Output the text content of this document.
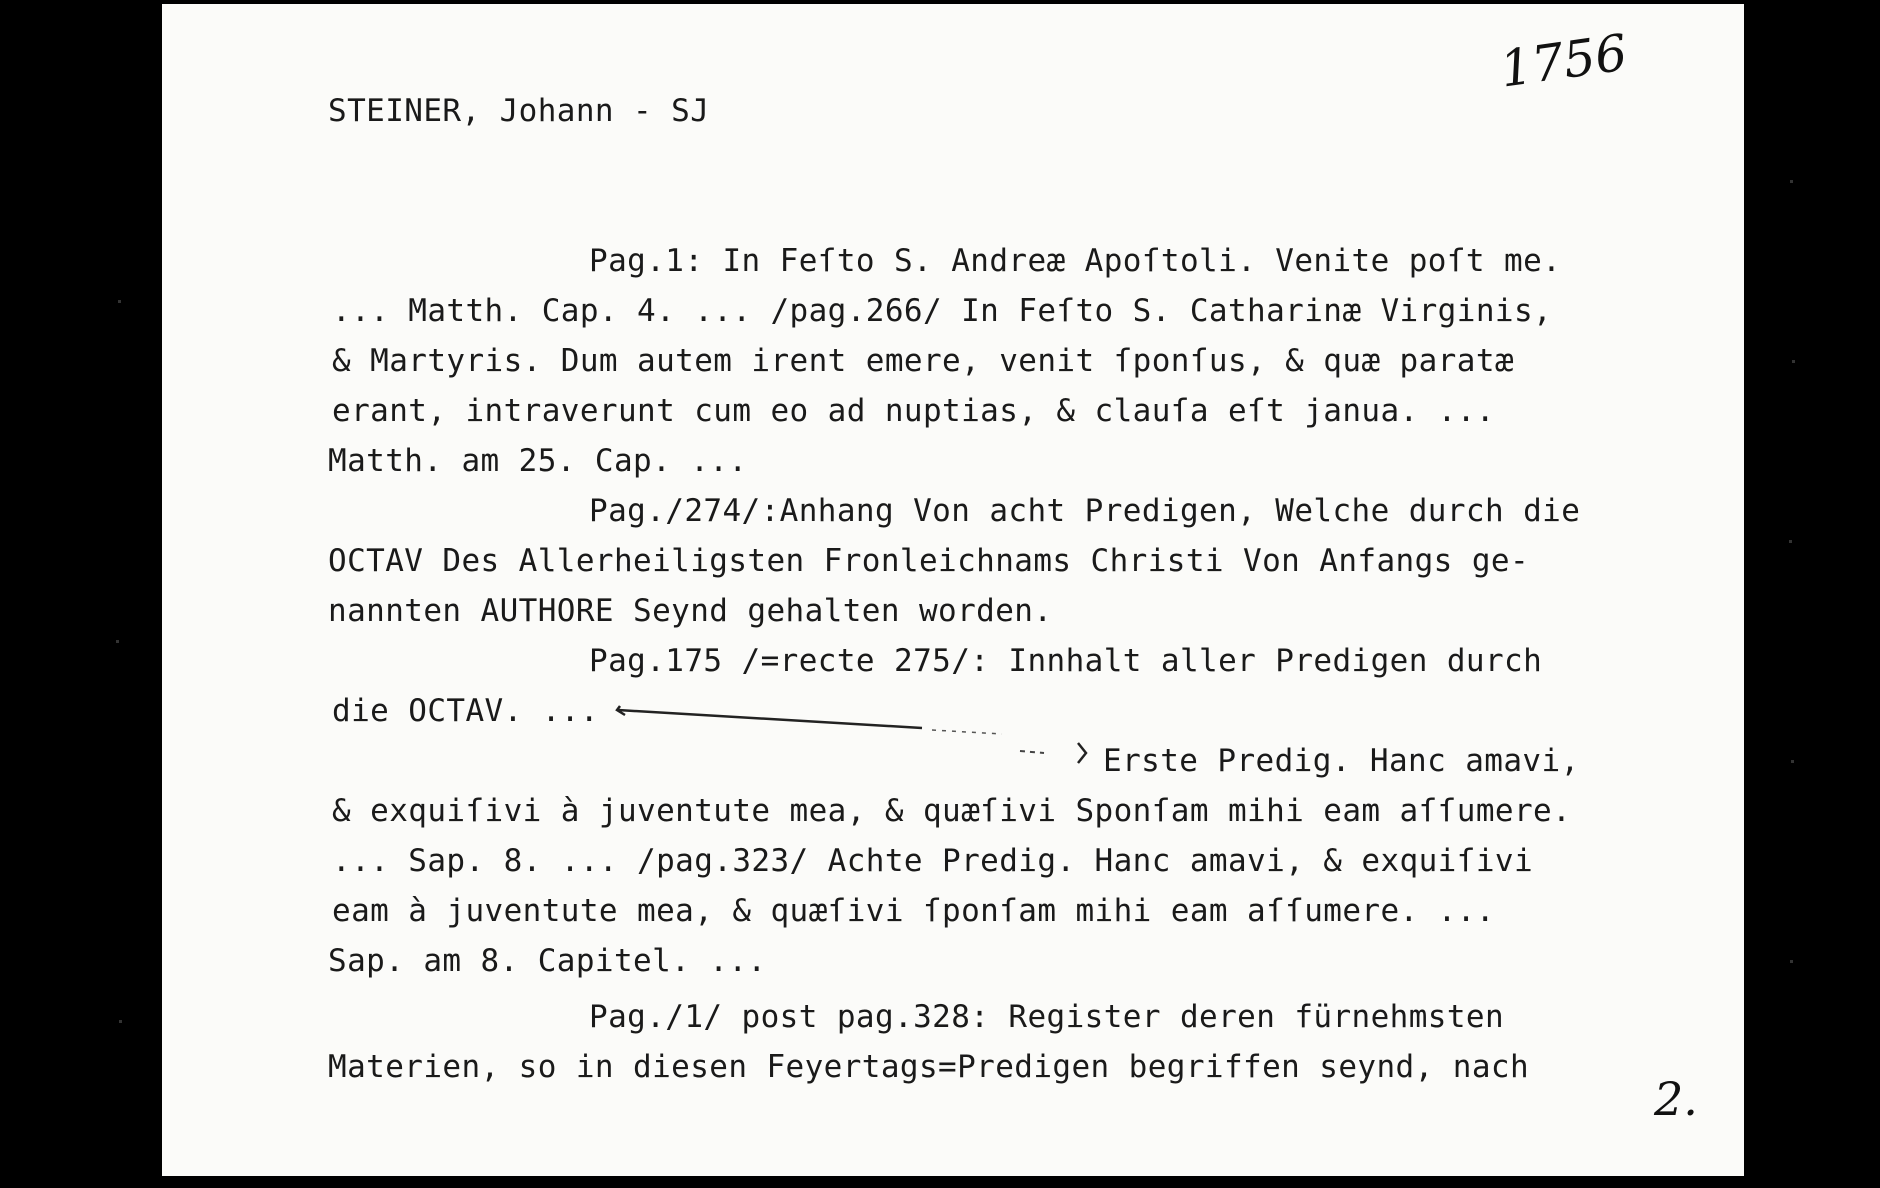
1756
STEINER, Johann - SJ
Pag.1: In Feſto S. Andreæ Apoſtoli. Venite poſt me.
... Matth. Cap. 4. ... /pag.266/ In Feſto S. Catharinæ Virginis,
& Martyris. Dum autem irent emere, venit ſponſus, & quæ paratæ
erant, intraverunt cum eo ad nuptias, & clauſa eſt janua. ...
Matth. am 25. Cap. ...
Pag./274/:Anhang Von acht Predigen, Welche durch die
OCTAV Des Allerheiligsten Fronleichnams Christi Von Anfangs ge-
nannten AUTHORE Seynd gehalten worden.
Pag.175 /=recte 275/: Innhalt aller Predigen durch
die OCTAV. ...
Erste Predig. Hanc amavi,
& exquiſivi à juventute mea, & quæſivi Sponſam mihi eam aſſumere.
... Sap. 8. ... /pag.323/ Achte Predig. Hanc amavi, & exquiſivi
eam à juventute mea, & quæſivi ſponſam mihi eam aſſumere. ...
Sap. am 8. Capitel. ...
Pag./1/ post pag.328: Register deren fürnehmsten
Materien, so in diesen Feyertags=Predigen begriffen seynd, nach
2.
